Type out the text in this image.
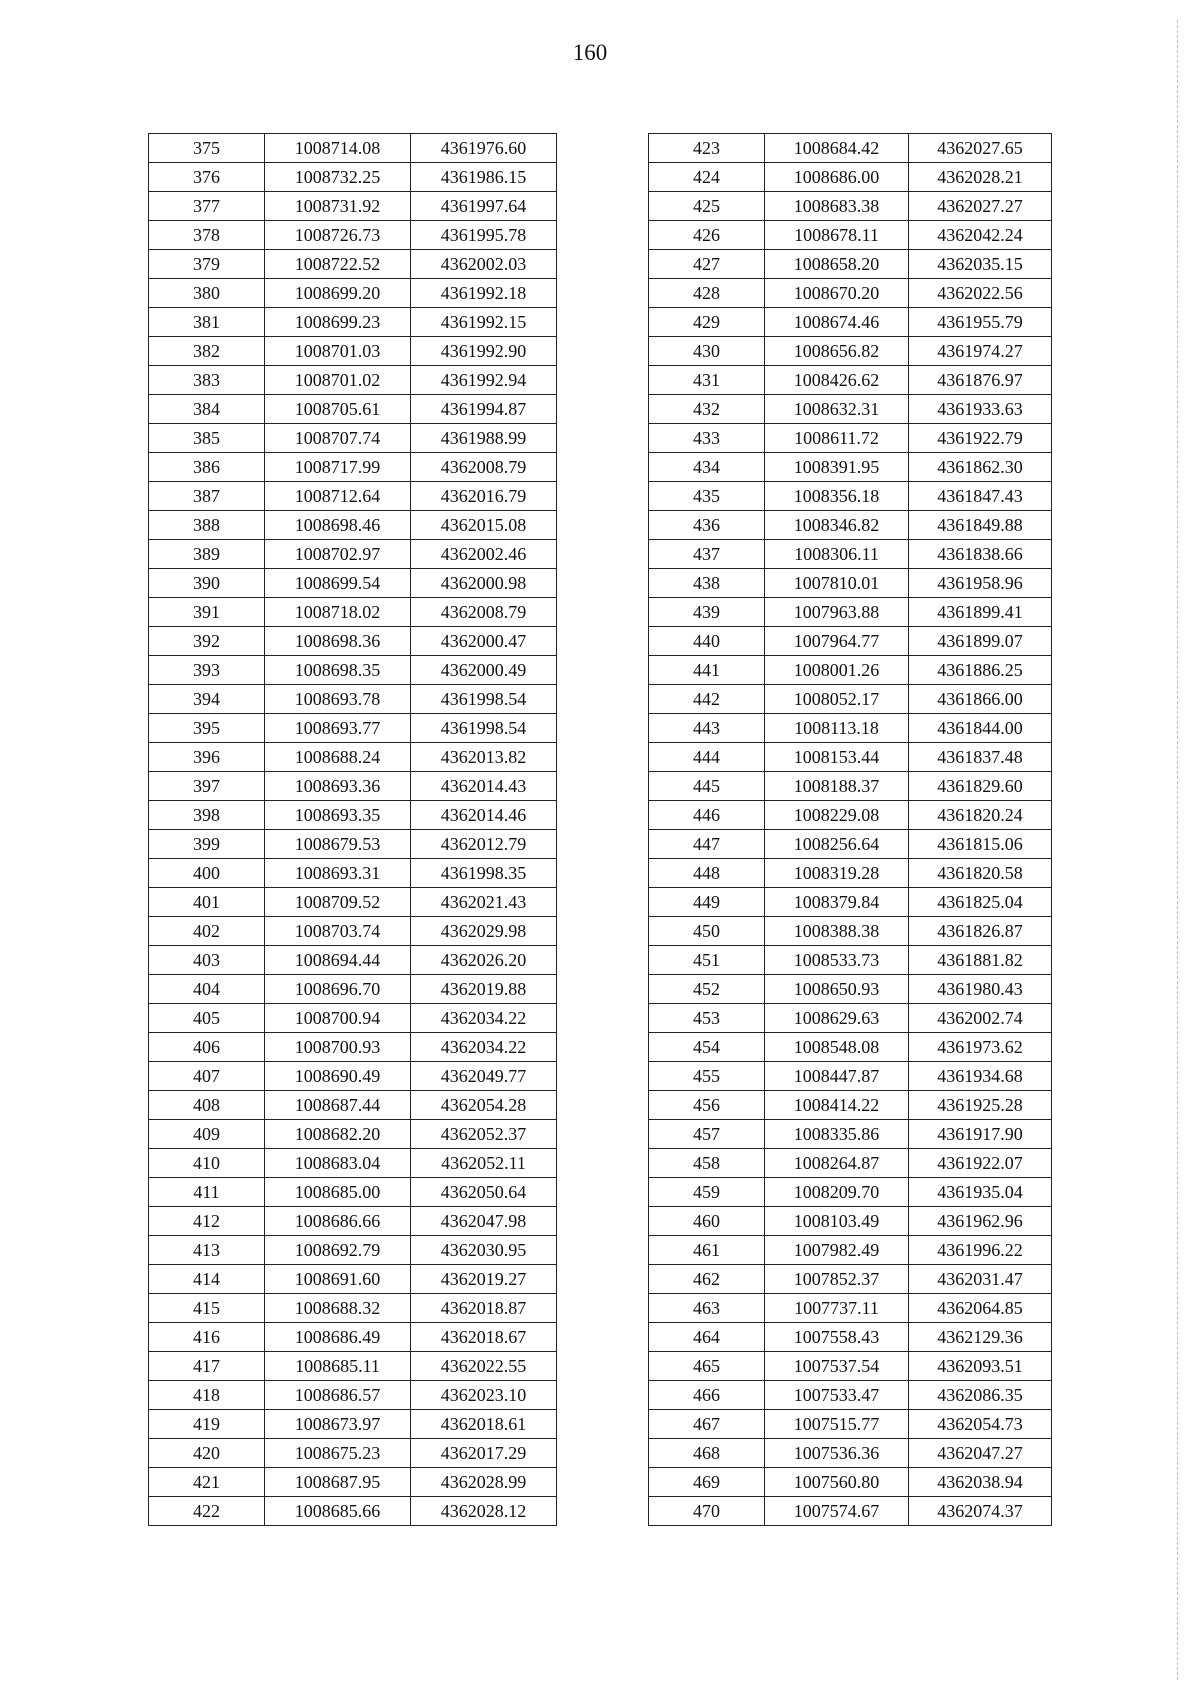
160
375	1008714.08	4361976.60
376	1008732.25	4361986.15
377	1008731.92	4361997.64
378	1008726.73	4361995.78
379	1008722.52	4362002.03
380	1008699.20	4361992.18
381	1008699.23	4361992.15
382	1008701.03	4361992.90
383	1008701.02	4361992.94
384	1008705.61	4361994.87
385	1008707.74	4361988.99
386	1008717.99	4362008.79
387	1008712.64	4362016.79
388	1008698.46	4362015.08
389	1008702.97	4362002.46
390	1008699.54	4362000.98
391	1008718.02	4362008.79
392	1008698.36	4362000.47
393	1008698.35	4362000.49
394	1008693.78	4361998.54
395	1008693.77	4361998.54
396	1008688.24	4362013.82
397	1008693.36	4362014.43
398	1008693.35	4362014.46
399	1008679.53	4362012.79
400	1008693.31	4361998.35
401	1008709.52	4362021.43
402	1008703.74	4362029.98
403	1008694.44	4362026.20
404	1008696.70	4362019.88
405	1008700.94	4362034.22
406	1008700.93	4362034.22
407	1008690.49	4362049.77
408	1008687.44	4362054.28
409	1008682.20	4362052.37
410	1008683.04	4362052.11
411	1008685.00	4362050.64
412	1008686.66	4362047.98
413	1008692.79	4362030.95
414	1008691.60	4362019.27
415	1008688.32	4362018.87
416	1008686.49	4362018.67
417	1008685.11	4362022.55
418	1008686.57	4362023.10
419	1008673.97	4362018.61
420	1008675.23	4362017.29
421	1008687.95	4362028.99
422	1008685.66	4362028.12
423	1008684.42	4362027.65
424	1008686.00	4362028.21
425	1008683.38	4362027.27
426	1008678.11	4362042.24
427	1008658.20	4362035.15
428	1008670.20	4362022.56
429	1008674.46	4361955.79
430	1008656.82	4361974.27
431	1008426.62	4361876.97
432	1008632.31	4361933.63
433	1008611.72	4361922.79
434	1008391.95	4361862.30
435	1008356.18	4361847.43
436	1008346.82	4361849.88
437	1008306.11	4361838.66
438	1007810.01	4361958.96
439	1007963.88	4361899.41
440	1007964.77	4361899.07
441	1008001.26	4361886.25
442	1008052.17	4361866.00
443	1008113.18	4361844.00
444	1008153.44	4361837.48
445	1008188.37	4361829.60
446	1008229.08	4361820.24
447	1008256.64	4361815.06
448	1008319.28	4361820.58
449	1008379.84	4361825.04
450	1008388.38	4361826.87
451	1008533.73	4361881.82
452	1008650.93	4361980.43
453	1008629.63	4362002.74
454	1008548.08	4361973.62
455	1008447.87	4361934.68
456	1008414.22	4361925.28
457	1008335.86	4361917.90
458	1008264.87	4361922.07
459	1008209.70	4361935.04
460	1008103.49	4361962.96
461	1007982.49	4361996.22
462	1007852.37	4362031.47
463	1007737.11	4362064.85
464	1007558.43	4362129.36
465	1007537.54	4362093.51
466	1007533.47	4362086.35
467	1007515.77	4362054.73
468	1007536.36	4362047.27
469	1007560.80	4362038.94
470	1007574.67	4362074.37
